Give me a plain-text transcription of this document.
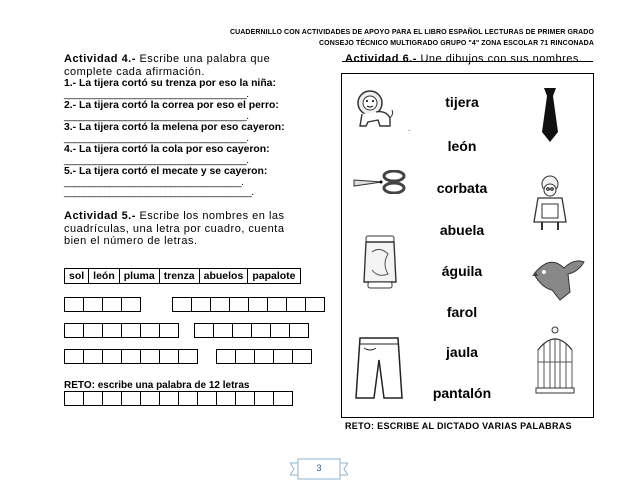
CUADERNILLO CON ACTIVIDADES DE APOYO PARA EL LIBRO ESPAÑOL LECTURAS DE PRIMER GRADO
CONSEJO TÉCNICO MULTIGRADO GRUPO "4" ZONA ESCOLAR 71 RINCONADA
Actividad 4.- Escribe una palabra que
complete cada afirmación.
1.- La tijera cortó su trenza por eso la niña:
____________________________________.
2.- La tijera cortó la correa por eso el perro:
____________________________________.
3.- La tijera cortó la melena por eso cayeron:
____________________________________.
4.- La tijera cortó la cola por eso cayeron:
____________________________________.
5.- La tijera cortó el mecate y se cayeron:
___________________________________.
_____________________________________.
Actividad 5.- Escribe los nombres en las
cuadrículas, una letra por cuadro, cuenta
bien el número de letras.
sol	león	pluma	trenza	abuelos	papalote
RETO: escribe una palabra de 12 letras
Actividad 6.- Une dibujos con sus nombres.
tijera
león
corbata
abuela
águila
farol
jaula
pantalón
.
RETO: ESCRIBE AL DICTADO VARIAS PALABRAS
3
